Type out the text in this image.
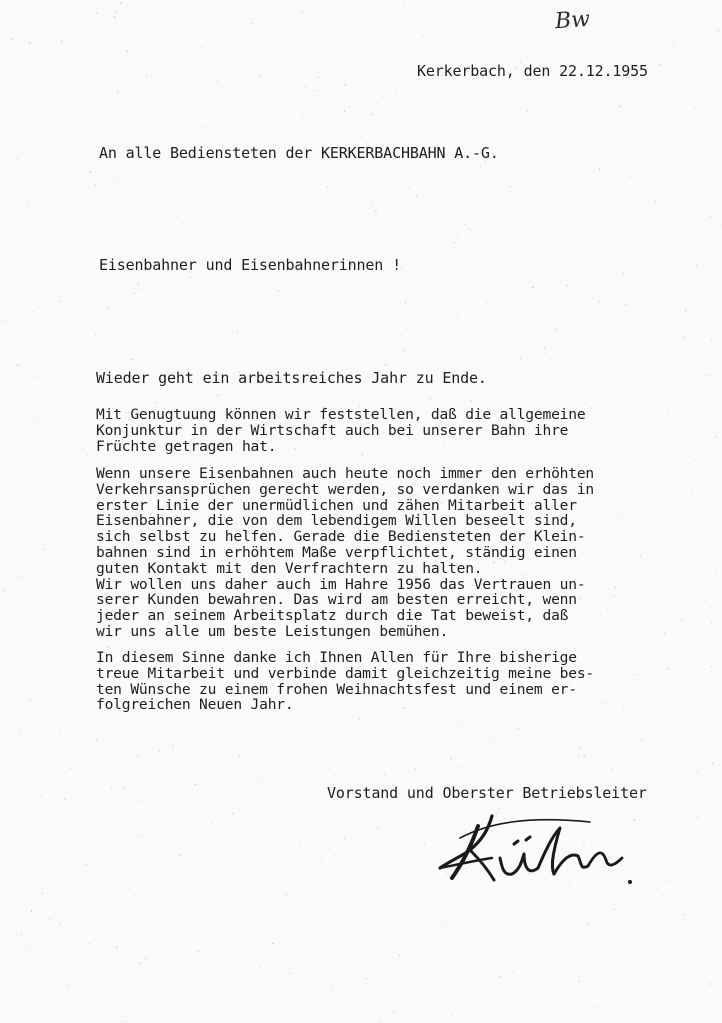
Bw
Kerkerbach, den 22.12.1955
An alle Bediensteten der KERKERBACHBAHN A.-G.
Eisenbahner und Eisenbahnerinnen !
Wieder geht ein arbeitsreiches Jahr zu Ende.
Mit Genugtuung können wir feststellen, daß die allgemeine
Konjunktur in der Wirtschaft auch bei unserer Bahn ihre
Früchte getragen hat.
Wenn unsere Eisenbahnen auch heute noch immer den erhöhten
Verkehrsansprüchen gerecht werden, so verdanken wir das in
erster Linie der unermüdlichen und zähen Mitarbeit aller
Eisenbahner, die von dem lebendigem Willen beseelt sind,
sich selbst zu helfen. Gerade die Bediensteten der Klein-
bahnen sind in erhöhtem Maße verpflichtet, ständig einen
guten Kontakt mit den Verfrachtern zu halten.
Wir wollen uns daher auch im Hahre 1956 das Vertrauen un-
serer Kunden bewahren. Das wird am besten erreicht, wenn
jeder an seinem Arbeitsplatz durch die Tat beweist, daß
wir uns alle um beste Leistungen bemühen.
In diesem Sinne danke ich Ihnen Allen für Ihre bisherige
treue Mitarbeit und verbinde damit gleichzeitig meine bes-
ten Wünsche zu einem frohen Weihnachtsfest und einem er-
folgreichen Neuen Jahr.
Vorstand und Oberster Betriebsleiter
